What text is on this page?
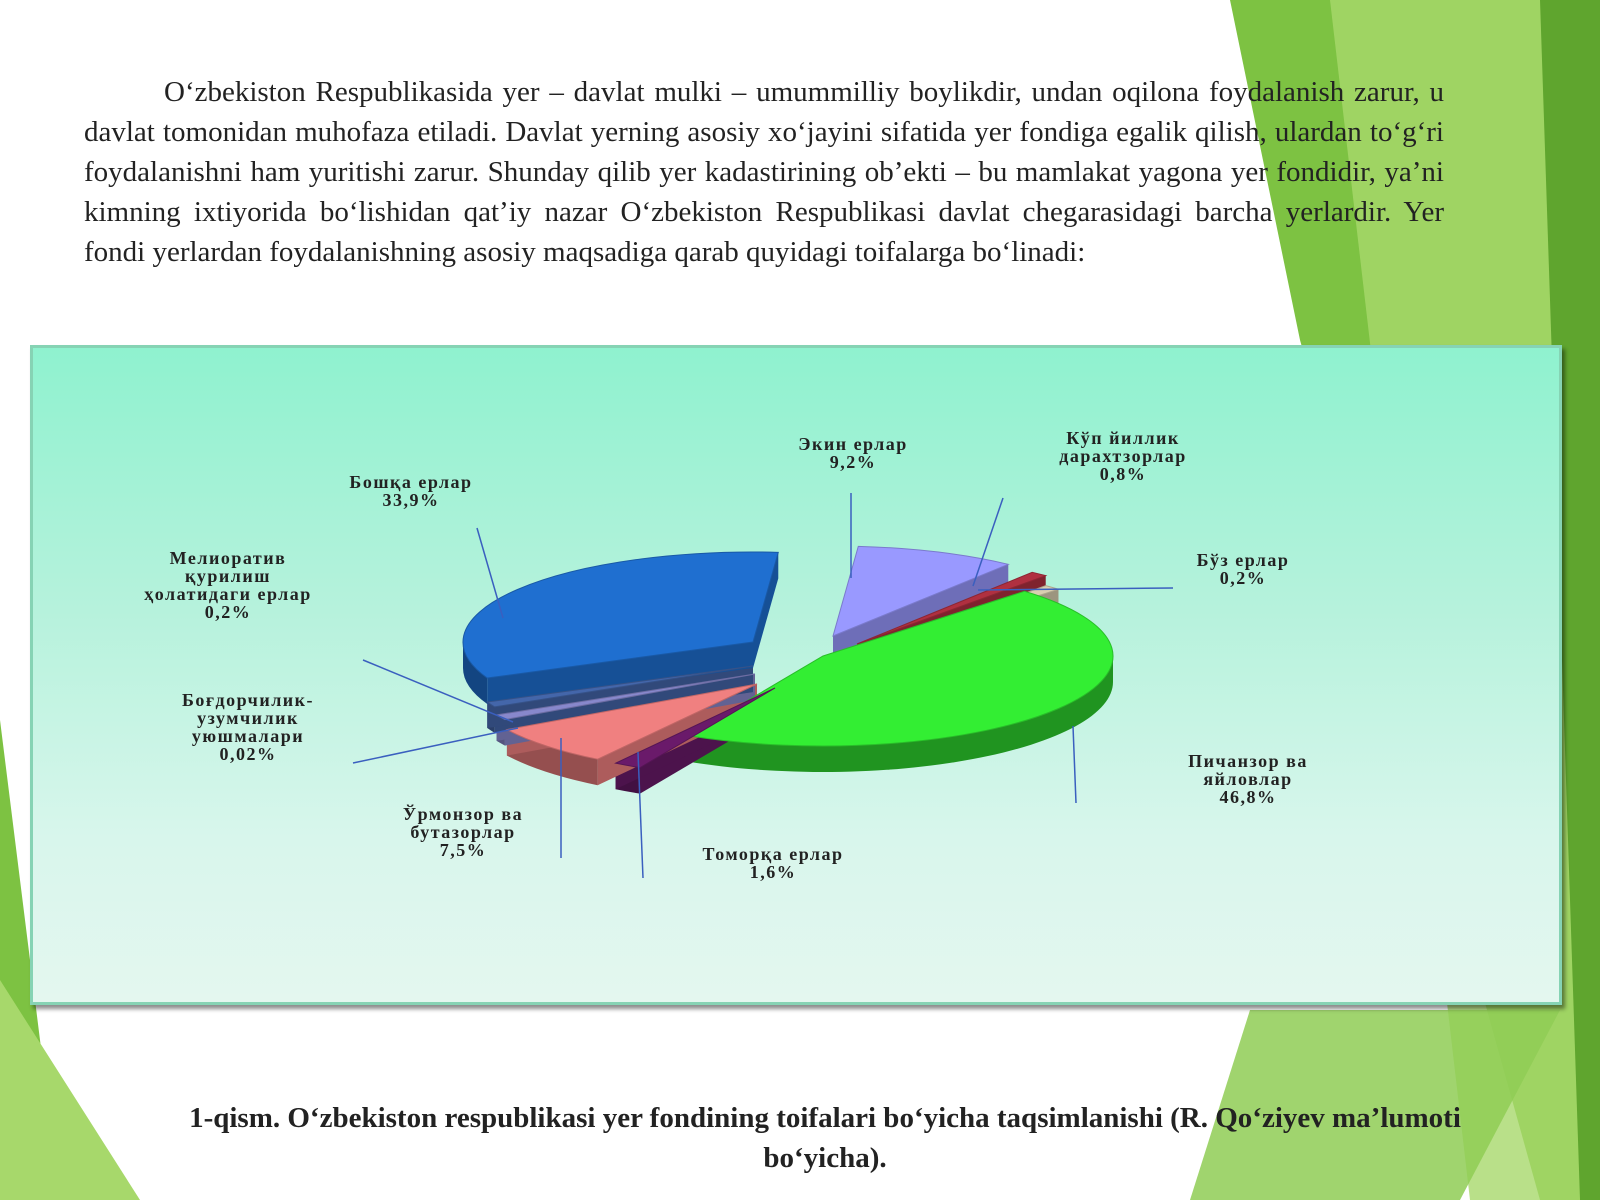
O‘zbekiston Respublikasida yer – davlat mulki – umummilliy boylikdir, undan oqilona foydalanish zarur, u davlat tomonidan muhofaza etiladi. Davlat yerning asosiy xo‘jayini sifatida yer fondiga egalik qilish, ulardan to‘g‘ri foydalanishni ham yuritishi zarur. Shunday qilib yer kadastirining ob’ekti – bu mamlakat yagona yer fondidir, ya’ni kimning ixtiyorida bo‘lishidan qat’iy nazar O‘zbekiston Respublikasi davlat chegarasidagi barcha yerlardir. Yer fondi yerlardan foydalanishning asosiy maqsadiga qarab quyidagi toifalarga bo‘linadi:

Экин ерлар
9,2%
Кўп йиллик
дарахтзорлар
0,8%
Бўз ерлар
0,2%
Пичанзор ва
яйловлар
46,8%
Томорқа ерлар
1,6%
Ўрмонзор ва
бутазорлар
7,5%
Боғдорчилик-
узумчилик
уюшмалари
0,02%
Мелиоратив
қурилиш
ҳолатидаги ерлар
0,2%
Бошқа ерлар
33,9%

1-qism. O‘zbekiston respublikasi yer fondining toifalari bo‘yicha taqsimlanishi (R. Qo‘ziyev ma’lumoti bo‘yicha).
